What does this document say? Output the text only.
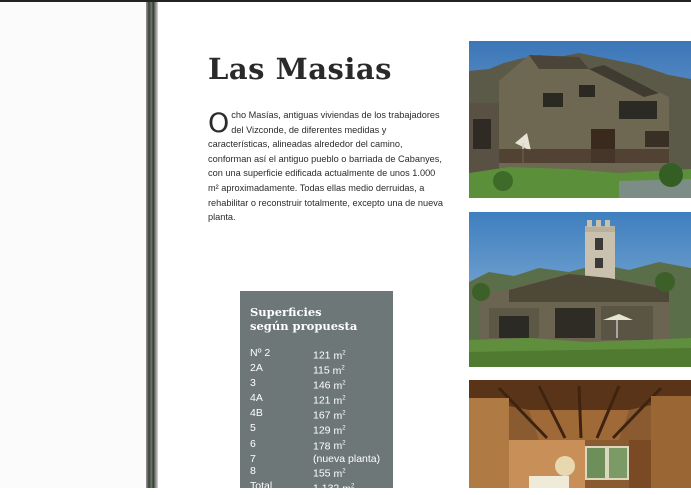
Las Masias

Ocho Masías, antiguas viviendas de los trabajadores del Vizconde, de diferentes medidas y características, alineadas alrededor del camino, conforman así el antiguo pueblo o barriada de Cabanyes, con una superficie edificada actualmente de unos 1.000 m² aproximadamente. Todas ellas medio derruidas, a rehabilitar o reconstruir totalmente, excepto una de nueva planta.

Superficies
según propuesta
Nº 2	121 $m^2$
2A	115 $m^2$
3	146 $m^2$
4A	121 $m^2$
4B	167 $m^2$
5	129 $m^2$
6	178 $m^2$
7	(nueva planta)
8	155 $m^2$
Total	1.132 $m^2$
